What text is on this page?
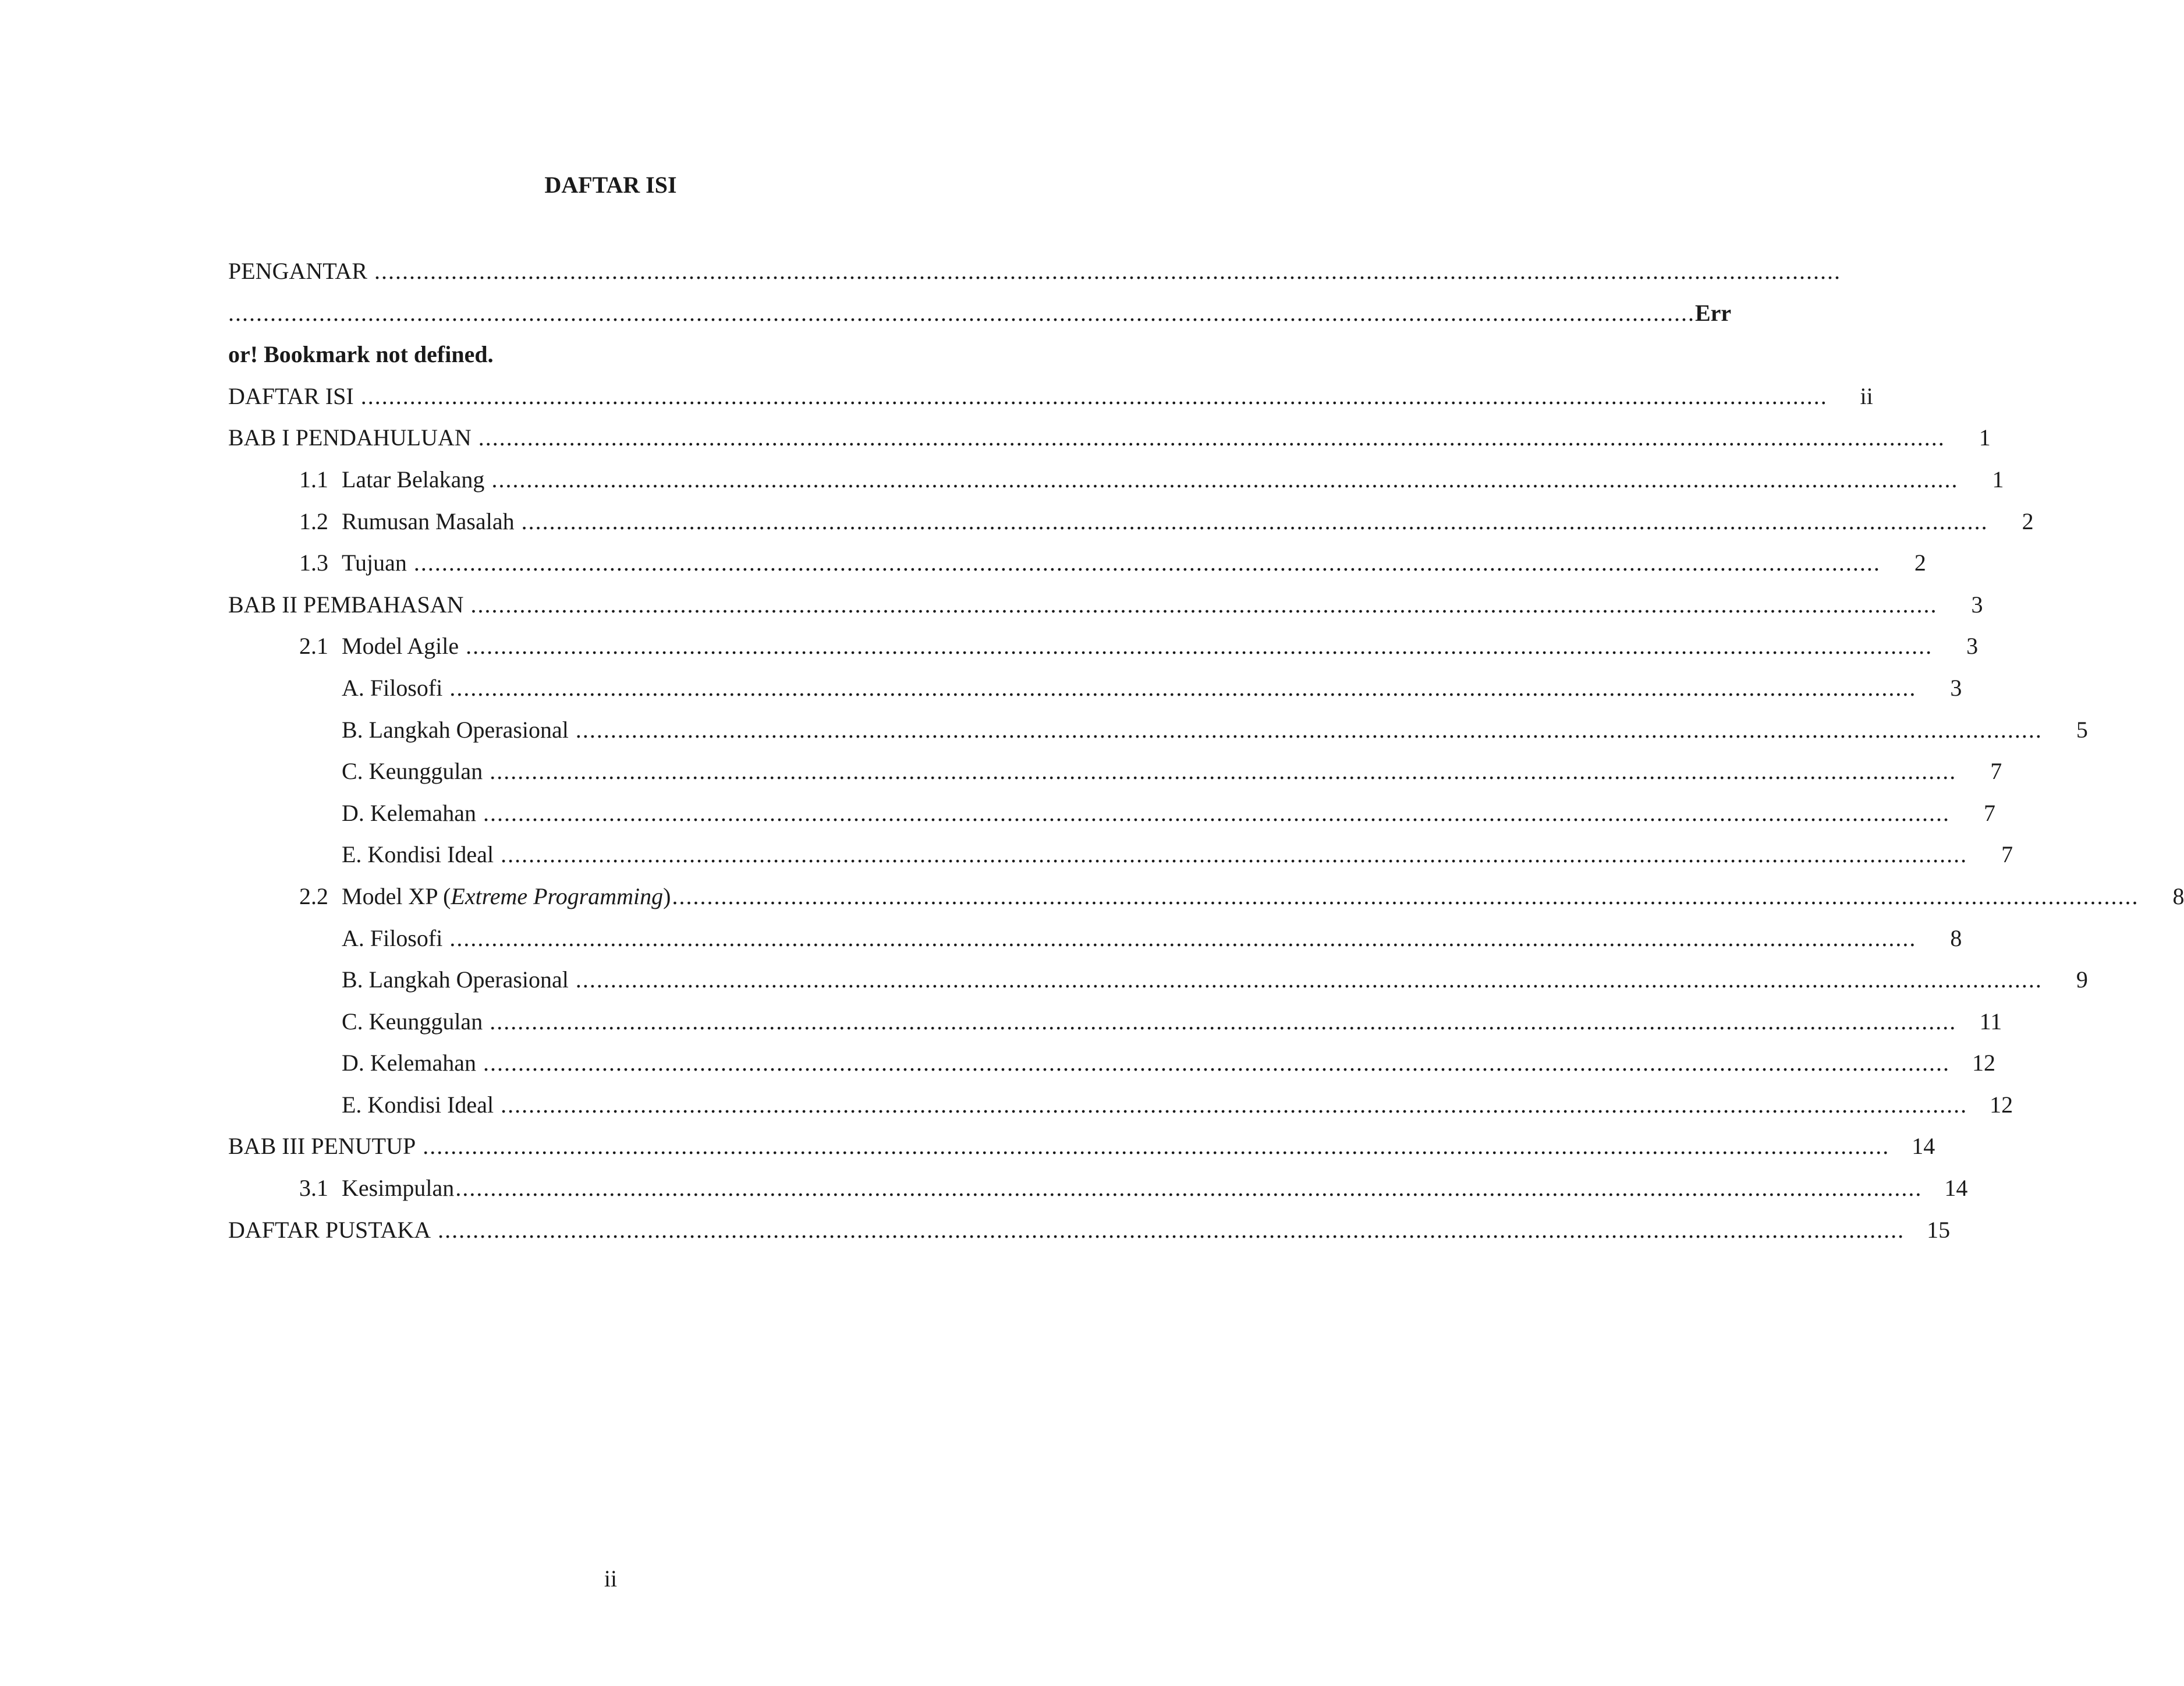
DAFTAR ISI
PENGANTAR ..................................................................................................................................................................................................................
.................................................................................................................................................................................................................. Err
or! Bookmark not defined.
DAFTAR ISI ..................................................................................................................................................................................................................	ii
BAB I PENDAHULUAN ..................................................................................................................................................................................................................	1
1.1 Latar Belakang ..................................................................................................................................................................................................................	1
1.2 Rumusan Masalah ..................................................................................................................................................................................................................	2
1.3 Tujuan ..................................................................................................................................................................................................................	2
BAB II PEMBAHASAN ..................................................................................................................................................................................................................	3
2.1 Model Agile ..................................................................................................................................................................................................................	3
A. Filosofi ..................................................................................................................................................................................................................	3
B. Langkah Operasional ..................................................................................................................................................................................................................	5
C. Keunggulan ..................................................................................................................................................................................................................	7
D. Kelemahan ..................................................................................................................................................................................................................	7
E. Kondisi Ideal ..................................................................................................................................................................................................................	7
2.2 Model XP (Extreme Programming) ..................................................................................................................................................................................................................	8
A. Filosofi ..................................................................................................................................................................................................................	8
B. Langkah Operasional ..................................................................................................................................................................................................................	9
C. Keunggulan .................................................................................................................................................................................................................. 11
D. Kelemahan .................................................................................................................................................................................................................. 12
E. Kondisi Ideal .................................................................................................................................................................................................................. 12
BAB III PENUTUP .................................................................................................................................................................................................................. 14
3.1 Kesimpulan .................................................................................................................................................................................................................. 14
DAFTAR PUSTAKA .................................................................................................................................................................................................................. 15
ii
